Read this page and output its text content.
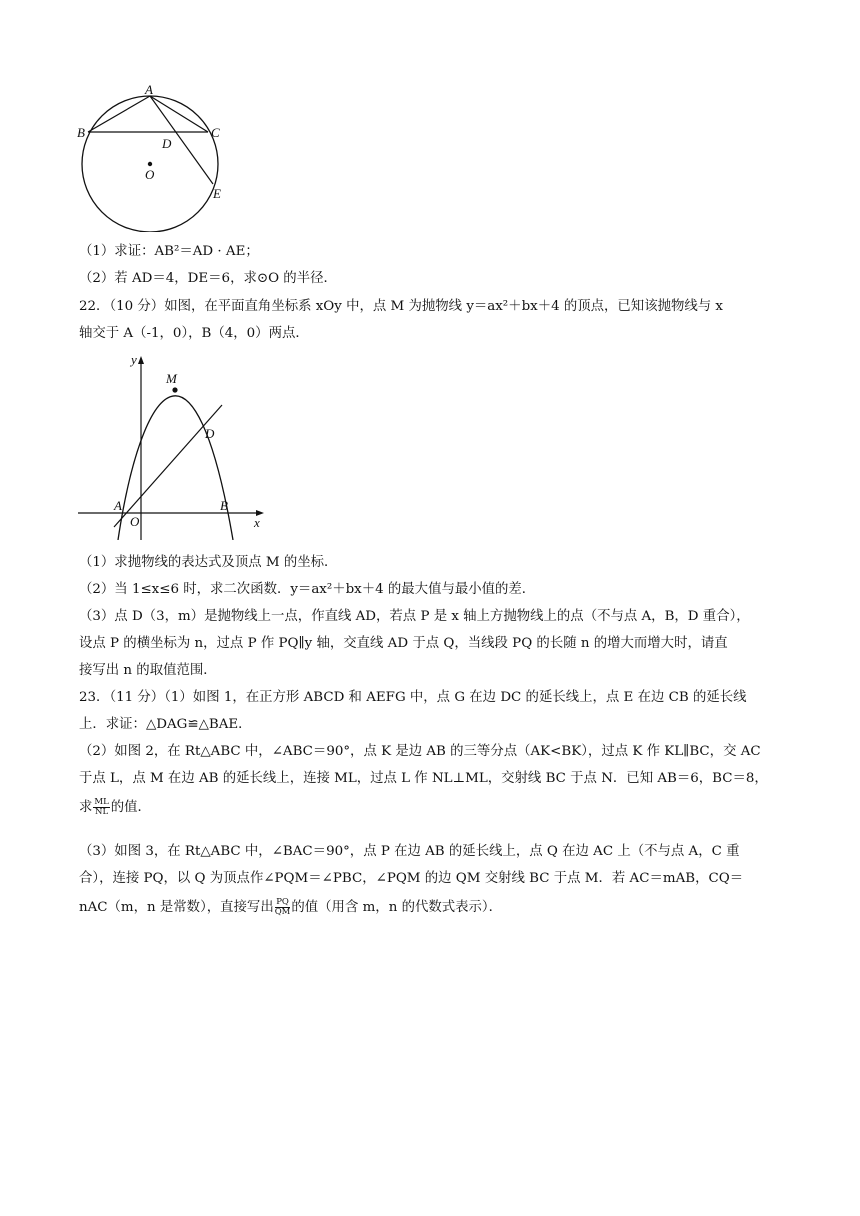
A
B	C
D
O
E
（1）求证：AB²＝AD · AE；
（2）若 AD＝4，DE＝6，求⊙O 的半径．
22．（10 分）如图，在平面直角坐标系 xOy 中，点 M 为抛物线 y＝ax²＋bx＋4 的顶点，已知该抛物线与 x
轴交于 A（-1，0），B（4，0）两点．
y
M
D
A
O
B
x
（1）求抛物线的表达式及顶点 M 的坐标．
（2）当 1≤x≤6 时，求二次函数．y＝ax²＋bx＋4 的最大值与最小值的差．
（3）点 D（3，m）是抛物线上一点，作直线 AD，若点 P 是 x 轴上方抛物线上的点（不与点 A，B，D 重合），
设点 P 的横坐标为 n，过点 P 作 PQ∥y 轴，交直线 AD 于点 Q，当线段 PQ 的长随 n 的增大而增大时，请直
接写出 n 的取值范围．
23．（11 分）（1）如图 1，在正方形 ABCD 和 AEFG 中，点 G 在边 DC 的延长线上，点 E 在边 CB 的延长线
上．求证：△DAG≌△BAE．
（2）如图 2，在 Rt△ABC 中，∠ABC＝90°，点 K 是边 AB 的三等分点（AK<BK），过点 K 作 KL∥BC，交 AC
于点 L，点 M 在边 AB 的延长线上，连接 ML，过点 L 作 NL⊥ML，交射线 BC 于点 N．已知 AB＝6，BC＝8，
求 $\frac{ML}{NL}$ 的值．
（3）如图 3，在 Rt△ABC 中，∠BAC＝90°，点 P 在边 AB 的延长线上，点 Q 在边 AC 上（不与点 A，C 重
合），连接 PQ，以 Q 为顶点作∠PQM＝∠PBC，∠PQM 的边 QM 交射线 BC 于点 M．若 AC＝mAB，CQ＝
nAC（m，n 是常数），直接写出 $\frac{PQ}{QM}$ 的值（用含 m，n 的代数式表示）．
